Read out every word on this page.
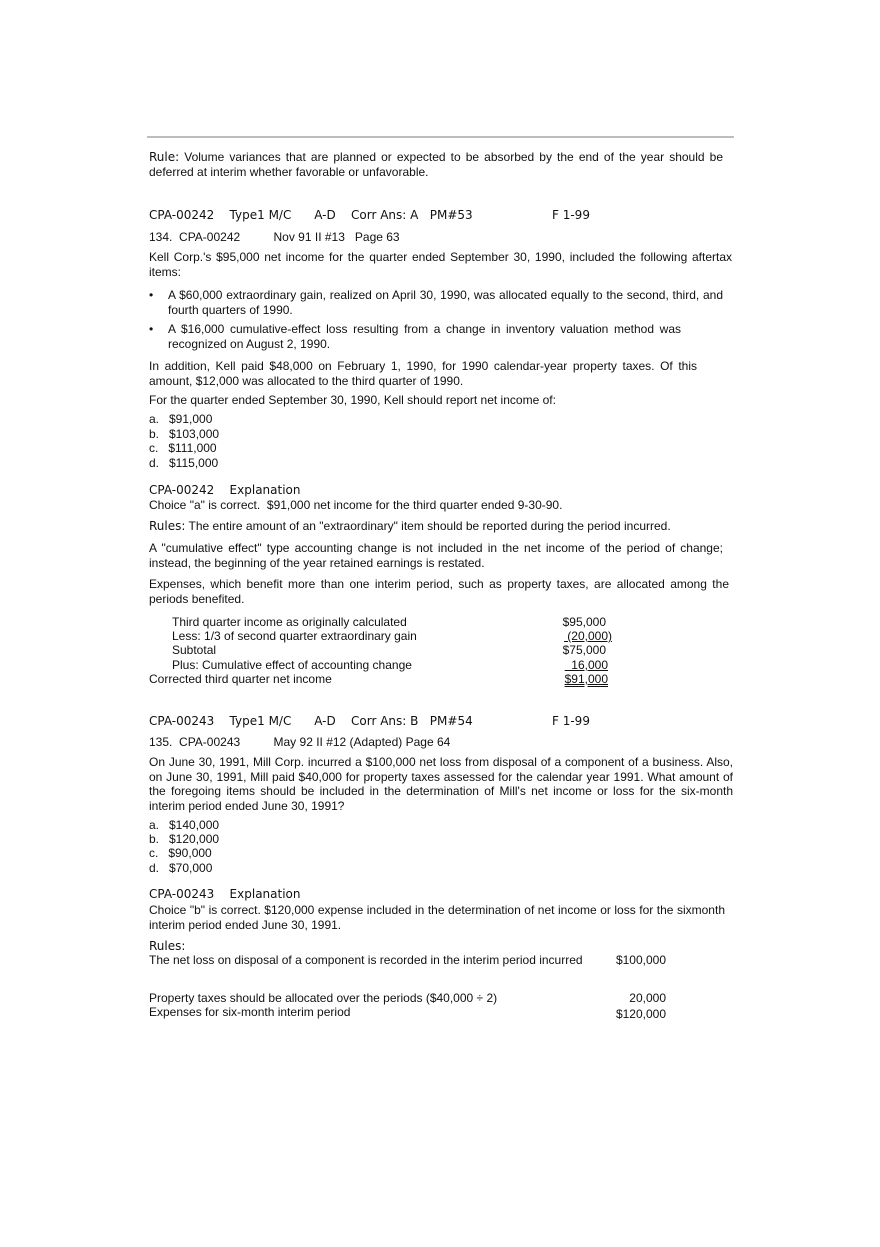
Rule: Volume variances that are planned or expected to be absorbed by the end of the year should be deferred at interim whether favorable or unfavorable.

CPA-00242    Type1 M/C      A-D    Corr Ans: A   PM#53	F 1-99
134.  CPA-00242          Nov 91 II #13   Page 63

Kell Corp.'s $95,000 net income for the quarter ended September 30, 1990, included the following aftertax items:

• A $60,000 extraordinary gain, realized on April 30, 1990, was allocated equally to the second, third, and fourth quarters of 1990.
• A $16,000 cumulative-effect loss resulting from a change in inventory valuation method was recognized on August 2, 1990.

In addition, Kell paid $48,000 on February 1, 1990, for 1990 calendar-year property taxes. Of this amount, $12,000 was allocated to the third quarter of 1990.

For the quarter ended September 30, 1990, Kell should report net income of:

a.   $91,000
b.   $103,000
c.   $111,000
d.   $115,000
CPA-00242    Explanation
Choice "a" is correct.  $91,000 net income for the third quarter ended 9-30-90.

Rules: The entire amount of an "extraordinary" item should be reported during the period incurred.

A "cumulative effect" type accounting change is not included in the net income of the period of change; instead, the beginning of the year retained earnings is restated.

Expenses, which benefit more than one interim period, such as property taxes, are allocated among the periods benefited.

Third quarter income as originally calculated	$95,000
Less: 1/3 of second quarter extraordinary gain	(20,000)
Subtotal	$75,000
Plus: Cumulative effect of accounting change	16,000
Corrected third quarter net income	$91,000
CPA-00243    Type1 M/C      A-D    Corr Ans: B   PM#54	F 1-99
135.  CPA-00243          May 92 II #12 (Adapted) Page 64

On June 30, 1991, Mill Corp. incurred a $100,000 net loss from disposal of a component of a business. Also, on June 30, 1991, Mill paid $40,000 for property taxes assessed for the calendar year 1991. What amount of the foregoing items should be included in the determination of Mill's net income or loss for the six-month interim period ended June 30, 1991?

a.   $140,000
b.   $120,000
c.   $90,000
d.   $70,000
CPA-00243    Explanation

Choice "b" is correct. $120,000 expense included in the determination of net income or loss for the sixmonth interim period ended June 30, 1991.

Rules:
The net loss on disposal of a component is recorded in the interim period incurred	$100,000
Property taxes should be allocated over the periods ($40,000 ÷ 2)	20,000
Expenses for six-month interim period	$120,000
